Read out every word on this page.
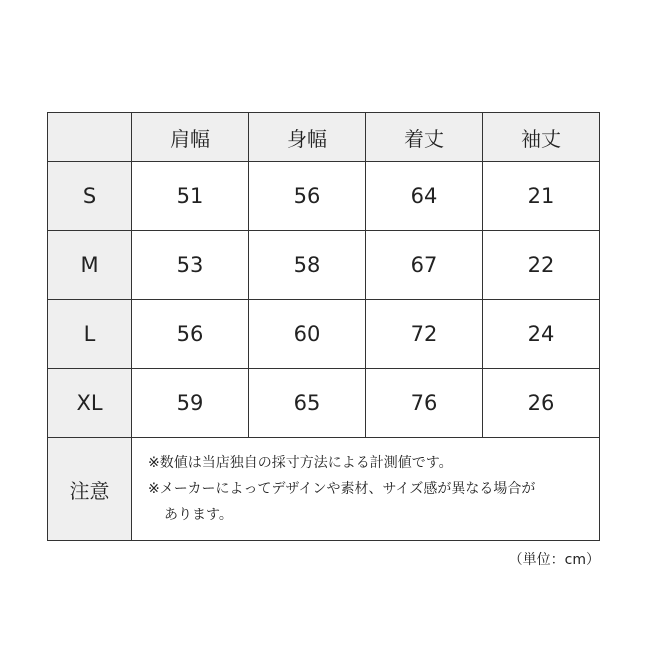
	肩幅	身幅	着丈	袖丈
S	51	56	64	21
M	53	58	67	22
L	56	60	72	24
XL	59	65	76	26
注意	※数値は当店独自の採寸方法による計測値です。
※メーカーによってデザインや素材、サイズ感が異なる場合が
あります。			
（単位：cm）
